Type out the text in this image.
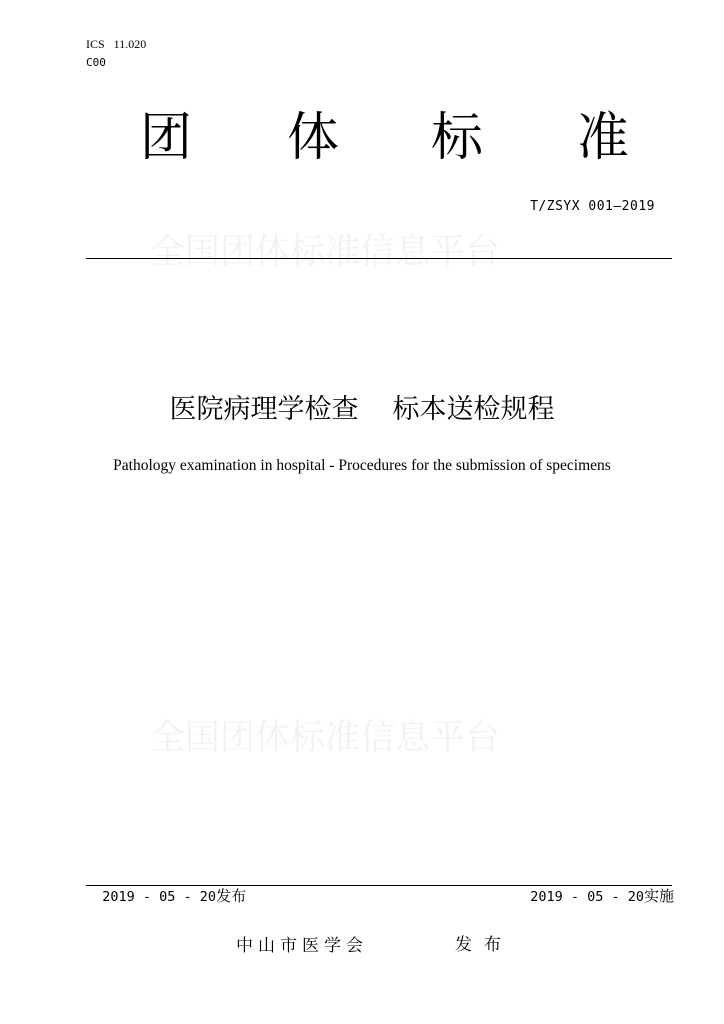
ICS   11.020
C00
团 体 标 准
T/ZSYX 001—2019
全国团体标准信息平台
医院病理学检查 标本送检规程
Pathology examination in hospital - Procedures for the submission of specimens
全国团体标准信息平台

2019 - 05 - 20发布	2019 - 05 - 20实施

中山市医学会	发布
